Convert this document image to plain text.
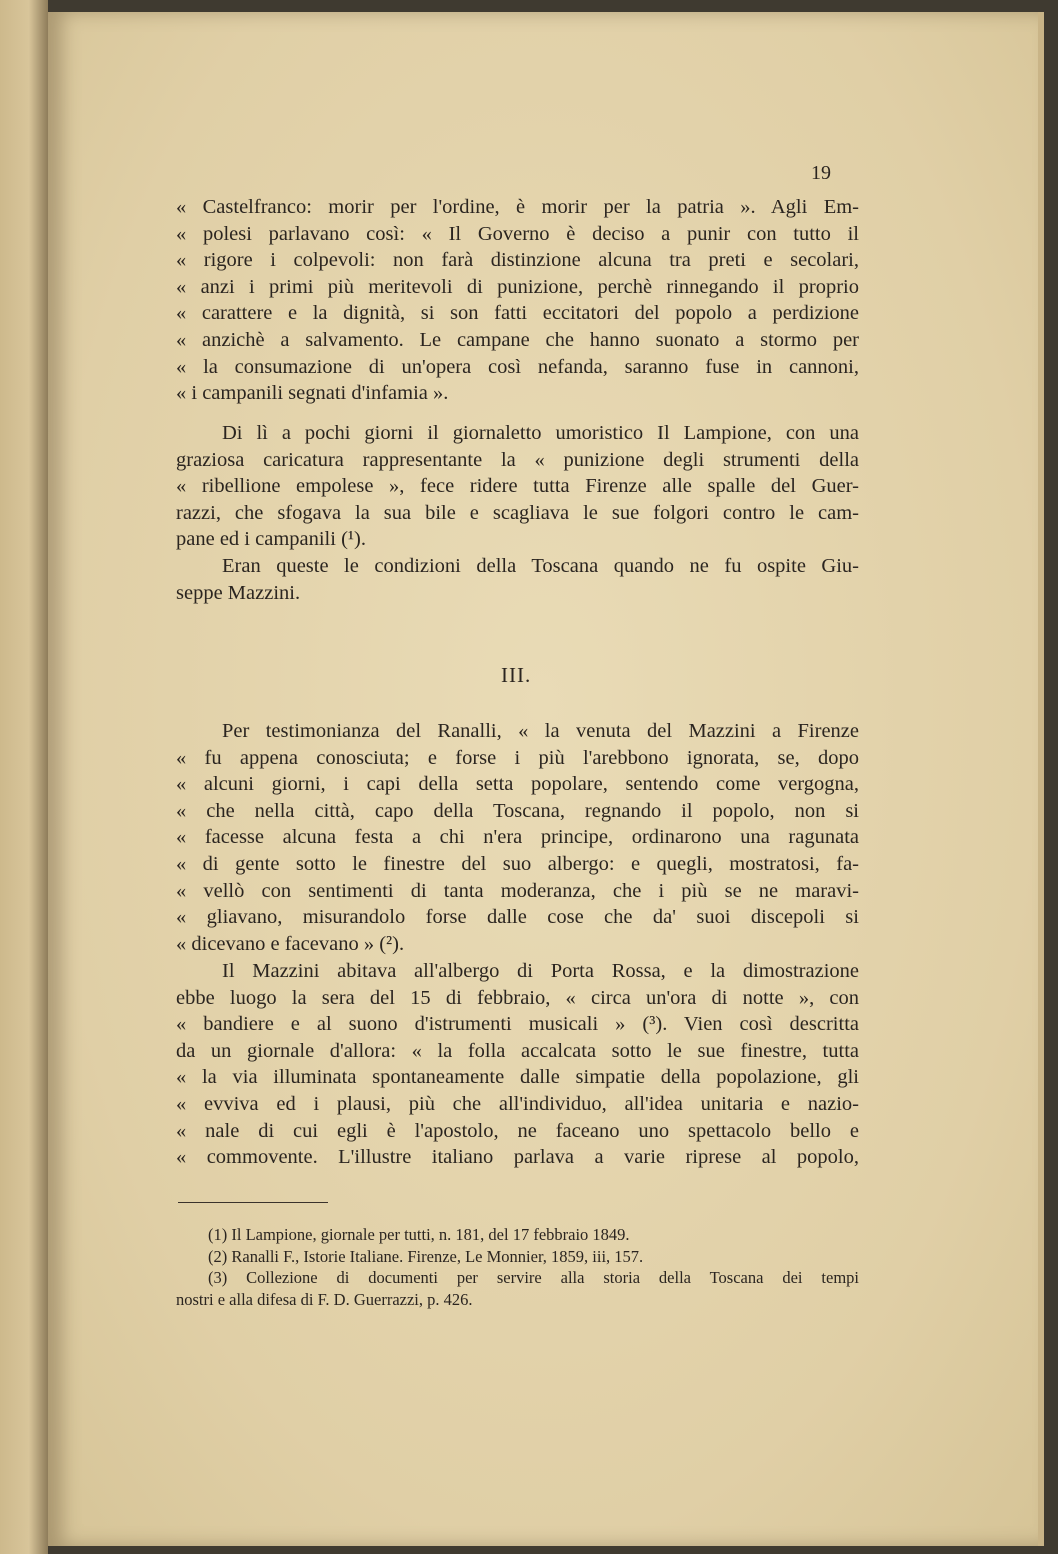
19
« Castelfranco: morir per l'ordine, è morir per la patria ». Agli Em-
« polesi parlavano così: « Il Governo è deciso a punir con tutto il
« rigore i colpevoli: non farà distinzione alcuna tra preti e secolari,
« anzi i primi più meritevoli di punizione, perchè rinnegando il proprio
« carattere e la dignità, si son fatti eccitatori del popolo a perdizione
« anzichè a salvamento. Le campane che hanno suonato a stormo per
« la consumazione di un'opera così nefanda, saranno fuse in cannoni,
« i campanili segnati d'infamia ».
Di lì a pochi giorni il giornaletto umoristico Il Lampione, con una
graziosa caricatura rappresentante la « punizione degli strumenti della
« ribellione empolese », fece ridere tutta Firenze alle spalle del Guer-
razzi, che sfogava la sua bile e scagliava le sue folgori contro le cam-
pane ed i campanili (¹).
Eran queste le condizioni della Toscana quando ne fu ospite Giu-
seppe Mazzini.
III.
Per testimonianza del Ranalli, « la venuta del Mazzini a Firenze
« fu appena conosciuta; e forse i più l'arebbono ignorata, se, dopo
« alcuni giorni, i capi della setta popolare, sentendo come vergogna,
« che nella città, capo della Toscana, regnando il popolo, non si
« facesse alcuna festa a chi n'era principe, ordinarono una ragunata
« di gente sotto le finestre del suo albergo: e quegli, mostratosi, fa-
« vellò con sentimenti di tanta moderanza, che i più se ne maravi-
« gliavano, misurandolo forse dalle cose che da' suoi discepoli si
« dicevano e facevano » (²).
Il Mazzini abitava all'albergo di Porta Rossa, e la dimostrazione
ebbe luogo la sera del 15 di febbraio, « circa un'ora di notte », con
« bandiere e al suono d'istrumenti musicali » (³). Vien così descritta
da un giornale d'allora: « la folla accalcata sotto le sue finestre, tutta
« la via illuminata spontaneamente dalle simpatie della popolazione, gli
« evviva ed i plausi, più che all'individuo, all'idea unitaria e nazio-
« nale di cui egli è l'apostolo, ne faceano uno spettacolo bello e
« commovente. L'illustre italiano parlava a varie riprese al popolo,
(1) Il Lampione, giornale per tutti, n. 181, del 17 febbraio 1849.
(2) Ranalli F., Istorie Italiane. Firenze, Le Monnier, 1859, iii, 157.
(3) Collezione di documenti per servire alla storia della Toscana dei tempi
nostri e alla difesa di F. D. Guerrazzi, p. 426.
